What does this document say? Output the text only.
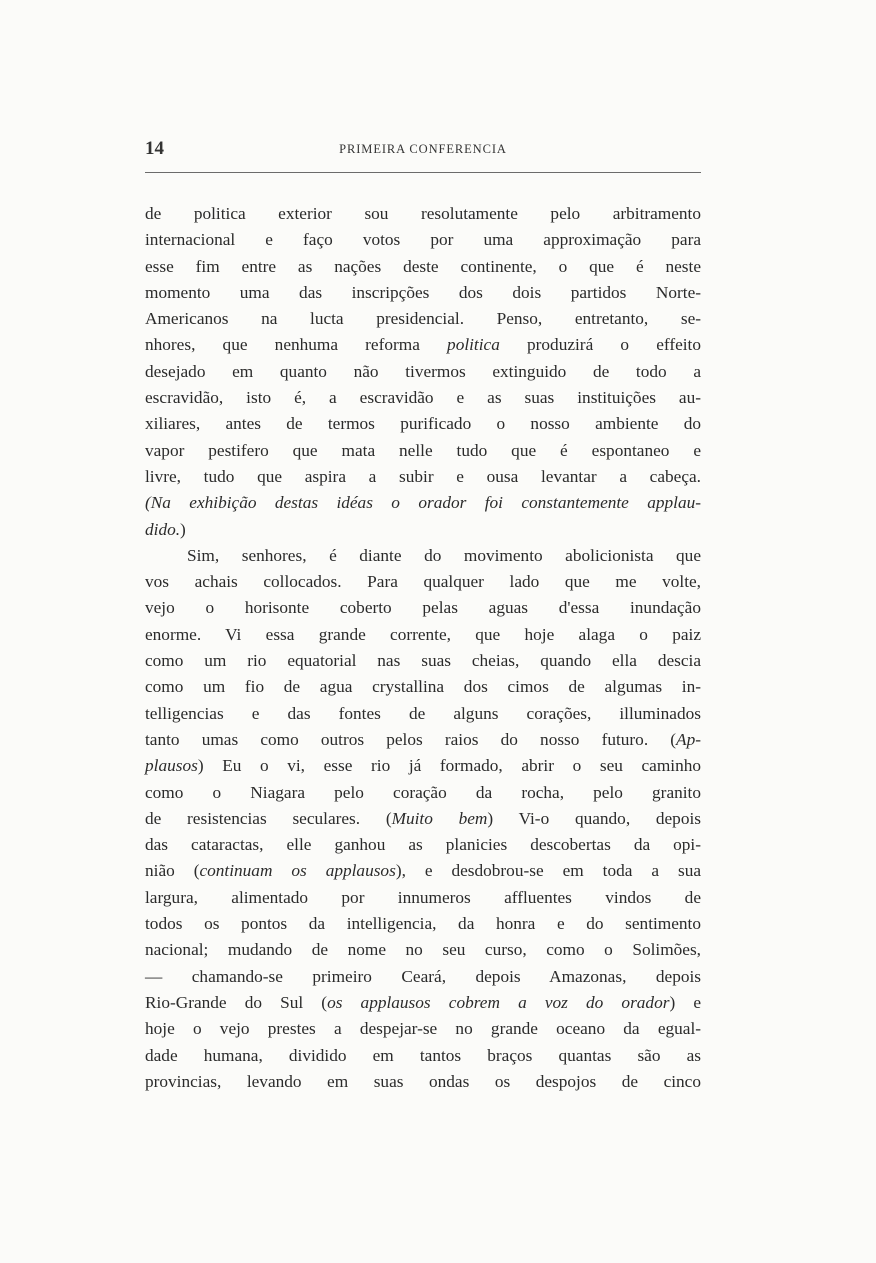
14	PRIMEIRA CONFERENCIA
de politica exterior sou resolutamente pelo arbitramento
internacional e faço votos por uma approximação para
esse fim entre as nações deste continente, o que é neste
momento uma das inscripções dos dois partidos Norte-
Americanos na lucta presidencial. Penso, entretanto, se-
nhores, que nenhuma reforma politica produzirá o effeito
desejado em quanto não tivermos extinguido de todo a
escravidão, isto é, a escravidão e as suas instituições au-
xiliares, antes de termos purificado o nosso ambiente do
vapor pestifero que mata nelle tudo que é espontaneo e
livre, tudo que aspira a subir e ousa levantar a cabeça.
(Na exhibição destas idéas o orador foi constantemente applau-
dido.)
Sim, senhores, é diante do movimento abolicionista que
vos achais collocados. Para qualquer lado que me volte,
vejo o horisonte coberto pelas aguas d'essa inundação
enorme. Vi essa grande corrente, que hoje alaga o paiz
como um rio equatorial nas suas cheias, quando ella descia
como um fio de agua crystallina dos cimos de algumas in-
telligencias e das fontes de alguns corações, illuminados
tanto umas como outros pelos raios do nosso futuro. (Ap-
plausos) Eu o vi, esse rio já formado, abrir o seu caminho
como o Niagara pelo coração da rocha, pelo granito
de resistencias seculares. (Muito bem) Vi-o quando, depois
das cataractas, elle ganhou as planicies descobertas da opi-
nião (continuam os applausos), e desdobrou-se em toda a sua
largura, alimentado por innumeros affluentes vindos de
todos os pontos da intelligencia, da honra e do sentimento
nacional; mudando de nome no seu curso, como o Solimões,
— chamando-se primeiro Ceará, depois Amazonas, depois
Rio-Grande do Sul (os applausos cobrem a voz do orador) e
hoje o vejo prestes a despejar-se no grande oceano da egual-
dade humana, dividido em tantos braços quantas são as
provincias, levando em suas ondas os despojos de cinco
